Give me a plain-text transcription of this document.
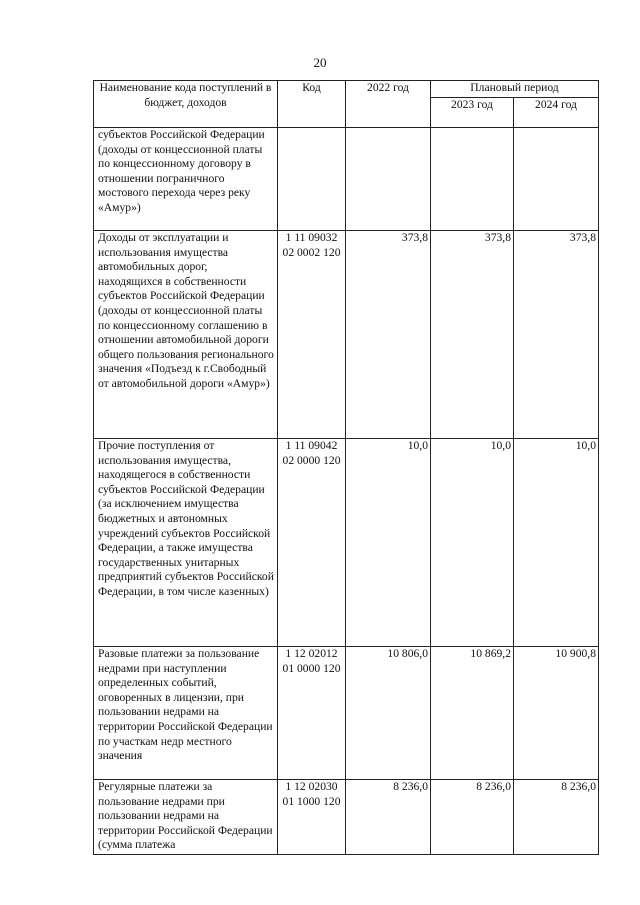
20
Наименование кода поступлений в бюджет, доходов	Код	2022 год	Плановый период	
			2023 год	2024 год
субъектов Российской Федерации (доходы от концессионной платы по концессионному договору в отношении пограничного мостового перехода через реку «Амур»)				
Доходы от эксплуатации и использования имущества автомобильных дорог, находящихся в собственности субъектов Российской Федерации (доходы от концессионной платы по концессионному соглашению в отношении автомобильной дороги общего пользования регионального значения «Подъезд к г.Свободный от автомобильной дороги «Амур»)	1 11 09032 02 0002 120	373,8	373,8	373,8
Прочие поступления от использования имущества, находящегося в собственности субъектов Российской Федерации (за исключением имущества бюджетных и автономных учреждений субъектов Российской Федерации, а также имущества государственных унитарных предприятий субъектов Российской Федерации, в том числе казенных)	1 11 09042 02 0000 120	10,0	10,0	10,0
Разовые платежи за пользование недрами при наступлении определенных событий, оговоренных в лицензии, при пользовании недрами на территории Российской Федерации по участкам недр местного значения	1 12 02012 01 0000 120	10 806,0	10 869,2	10 900,8
Регулярные платежи за пользование недрами при пользовании недрами на территории Российской Федерации (сумма платежа	1 12 02030 01 1000 120	8 236,0	8 236,0	8 236,0
